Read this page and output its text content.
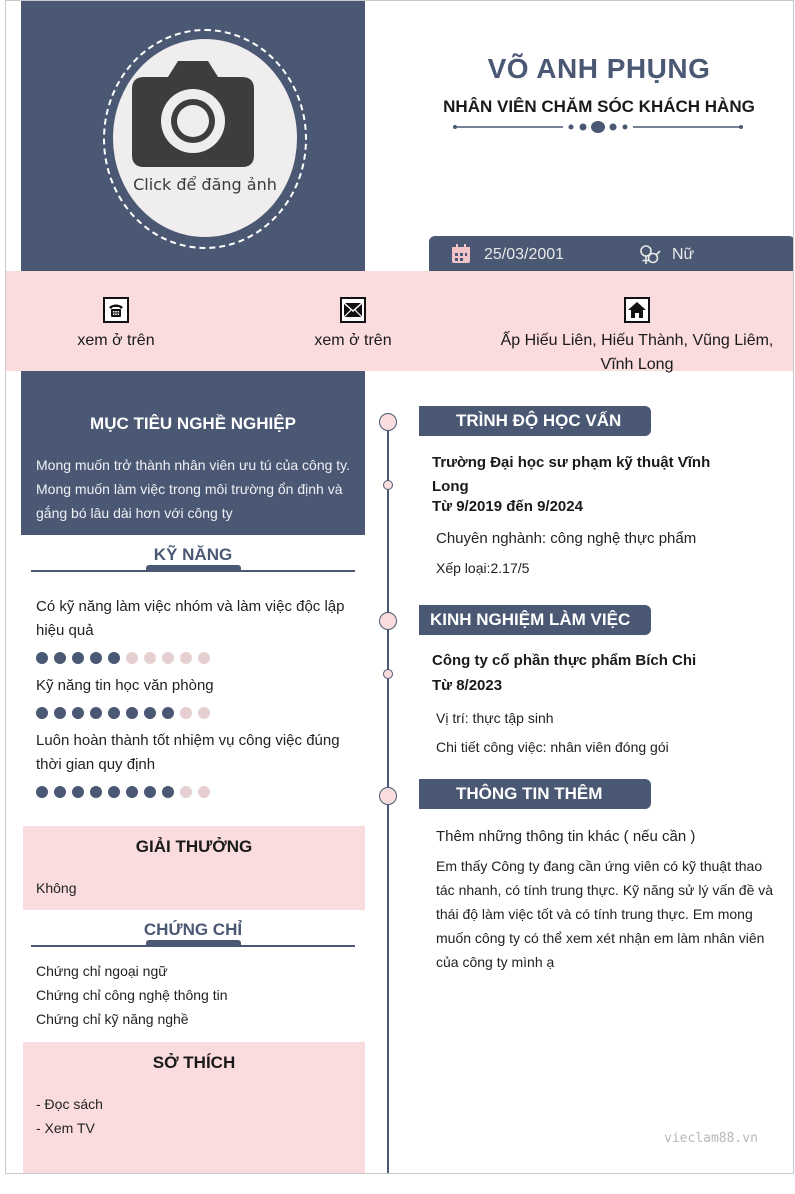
Click để đăng ảnh
VÕ ANH PHỤNG
NHÂN VIÊN CHĂM SÓC KHÁCH HÀNG
25/03/2001	Nữ
xem ở trên	xem ở trên	Ấp Hiếu Liên, Hiếu Thành, Vũng Liêm, Vĩnh Long
MỤC TIÊU NGHỀ NGHIỆP

Mong muốn trở thành nhân viên ưu tú của công ty. Mong muốn làm việc trong môi trường ổn định và gắng bó lâu dài hơn với công ty

KỸ NĂNG
Có kỹ năng làm việc nhóm và làm việc độc lập hiệu quả
Kỹ năng tin học văn phòng
Luôn hoàn thành tốt nhiệm vụ công việc đúng thời gian quy định
GIẢI THƯỞNG
Không
CHỨNG CHỈ
Chứng chỉ ngoại ngữ
Chứng chỉ công nghệ thông tin
Chứng chỉ kỹ năng nghề
SỞ THÍCH
- Đọc sách
- Xem TV
TRÌNH ĐỘ HỌC VẤN
Trường Đại học sư phạm kỹ thuật Vĩnh Long
Từ 9/2019 đến 9/2024
Chuyên nghành: công nghệ thực phẩm
Xếp loại:2.17/5
KINH NGHIỆM LÀM VIỆC
Công ty cổ phần thực phẩm Bích Chi
Từ 8/2023
Vị trí: thực tập sinh
Chi tiết công việc: nhân viên đóng gói
THÔNG TIN THÊM
Thêm những thông tin khác ( nếu cần )
Em thấy Công ty đang cần ứng viên có kỹ thuật thao tác nhanh, có tính trung thực. Kỹ năng sử lý vấn đề và thái độ làm việc tốt và có tính trung thực. Em mong muốn công ty có thể xem xét nhận em làm nhân viên của công ty mình ạ
vieclam88.vn
